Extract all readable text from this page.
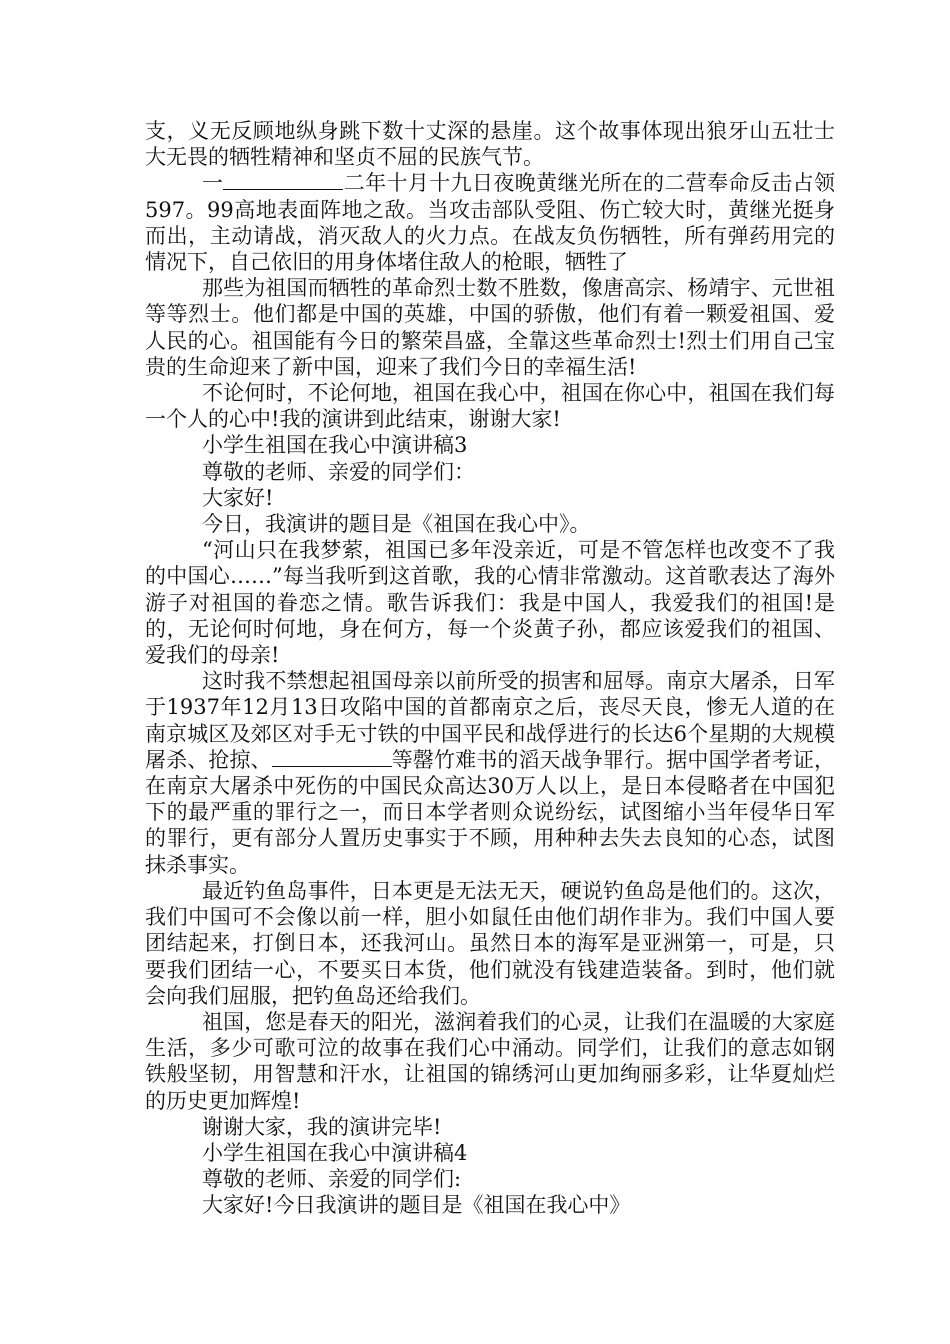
支，义无反顾地纵身跳下数十丈深的悬崖。这个故事体现出狼牙山五壮士大无畏的牺牲精神和坚贞不屈的民族气节。

一	二年十月十九日夜晚黄继光所在的二营奉命反击占领597。99高地表面阵地之敌。当攻击部队受阻、伤亡较大时，黄继光挺身而出，主动请战，消灭敌人的火力点。在战友负伤牺牲，所有弹药用完的情况下，自己依旧的用身体堵住敌人的枪眼，牺牲了

那些为祖国而牺牲的革命烈士数不胜数，像唐高宗、杨靖宇、元世祖等等烈士。他们都是中国的英雄，中国的骄傲，他们有着一颗爱祖国、爱人民的心。祖国能有今日的繁荣昌盛，全靠这些革命烈士!烈士们用自己宝贵的生命迎来了新中国，迎来了我们今日的幸福生活!

不论何时，不论何地，祖国在我心中，祖国在你心中，祖国在我们每一个人的心中!我的演讲到此结束，谢谢大家!

小学生祖国在我心中演讲稿3

尊敬的老师、亲爱的同学们：

大家好!

今日，我演讲的题目是《祖国在我心中》。

“河山只在我梦萦，祖国已多年没亲近，可是不管怎样也改变不了我的中国心……”每当我听到这首歌，我的心情非常激动。这首歌表达了海外游子对祖国的眷恋之情。歌告诉我们：我是中国人，我爱我们的祖国!是的，无论何时何地，身在何方，每一个炎黄子孙，都应该爱我们的祖国、爱我们的母亲!

这时我不禁想起祖国母亲以前所受的损害和屈辱。南京大屠杀，日军于1937年12月13日攻陷中国的首都南京之后，丧尽天良，惨无人道的在南京城区及郊区对手无寸铁的中国平民和战俘进行的长达6个星期的大规模屠杀、抢掠、	等罄竹难书的滔天战争罪行。据中国学者考证，在南京大屠杀中死伤的中国民众高达30万人以上，是日本侵略者在中国犯下的最严重的罪行之一，而日本学者则众说纷纭，试图缩小当年侵华日军的罪行，更有部分人置历史事实于不顾，用种种去失去良知的心态，试图抹杀事实。

最近钓鱼岛事件，日本更是无法无天，硬说钓鱼岛是他们的。这次，我们中国可不会像以前一样，胆小如鼠任由他们胡作非为。我们中国人要团结起来，打倒日本，还我河山。虽然日本的海军是亚洲第一，可是，只要我们团结一心，不要买日本货，他们就没有钱建造装备。到时，他们就会向我们屈服，把钓鱼岛还给我们。

祖国，您是春天的阳光，滋润着我们的心灵，让我们在温暖的大家庭生活，多少可歌可泣的故事在我们心中涌动。同学们，让我们的意志如钢铁般坚韧，用智慧和汗水，让祖国的锦绣河山更加绚丽多彩，让华夏灿烂的历史更加辉煌!

谢谢大家，我的演讲完毕!

小学生祖国在我心中演讲稿4

尊敬的老师、亲爱的同学们:

大家好!今日我演讲的题目是《祖国在我心中》
